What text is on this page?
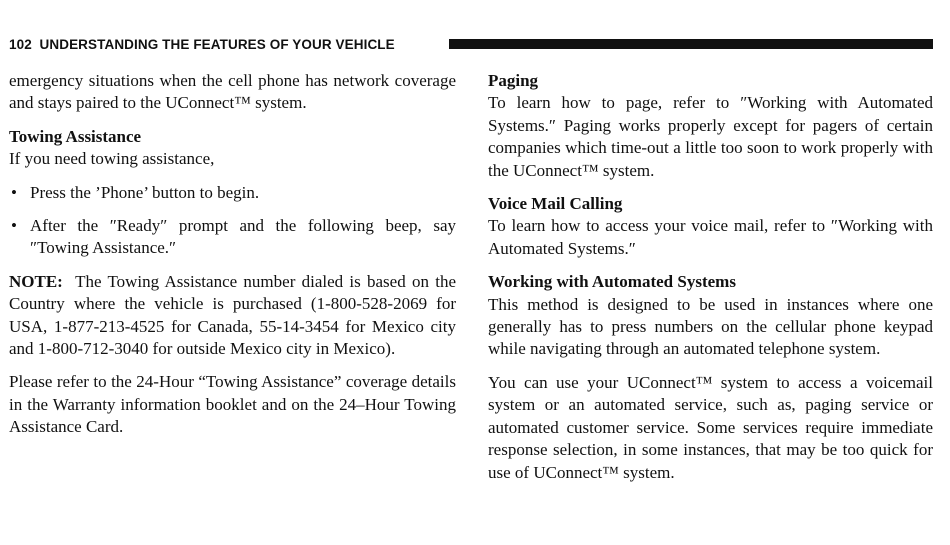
102 UNDERSTANDING THE FEATURES OF YOUR VEHICLE

emergency situations when the cell phone has network coverage and stays paired to the UConnect™ system.

Towing Assistance

If you need towing assistance,

• Press the ’Phone’ button to begin.
• After the ″Ready″ prompt and the following beep, say ″Towing Assistance.″

NOTE: The Towing Assistance number dialed is based on the Country where the vehicle is purchased (1-800-528-2069 for USA, 1-877-213-4525 for Canada, 55-14-3454 for Mexico city and 1-800-712-3040 for outside Mexico city in Mexico).

Please refer to the 24-Hour “Towing Assistance” coverage details in the Warranty information booklet and on the 24–Hour Towing Assistance Card.

Paging

To learn how to page, refer to ″Working with Automated Systems.″ Paging works properly except for pagers of certain companies which time-out a little too soon to work properly with the UConnect™ system.

Voice Mail Calling

To learn how to access your voice mail, refer to ″Working with Automated Systems.″

Working with Automated Systems

This method is designed to be used in instances where one generally has to press numbers on the cellular phone keypad while navigating through an automated telephone system.

You can use your UConnect™ system to access a voicemail system or an automated service, such as, paging service or automated customer service. Some services require immediate response selection, in some instances, that may be too quick for use of UConnect™ system.
